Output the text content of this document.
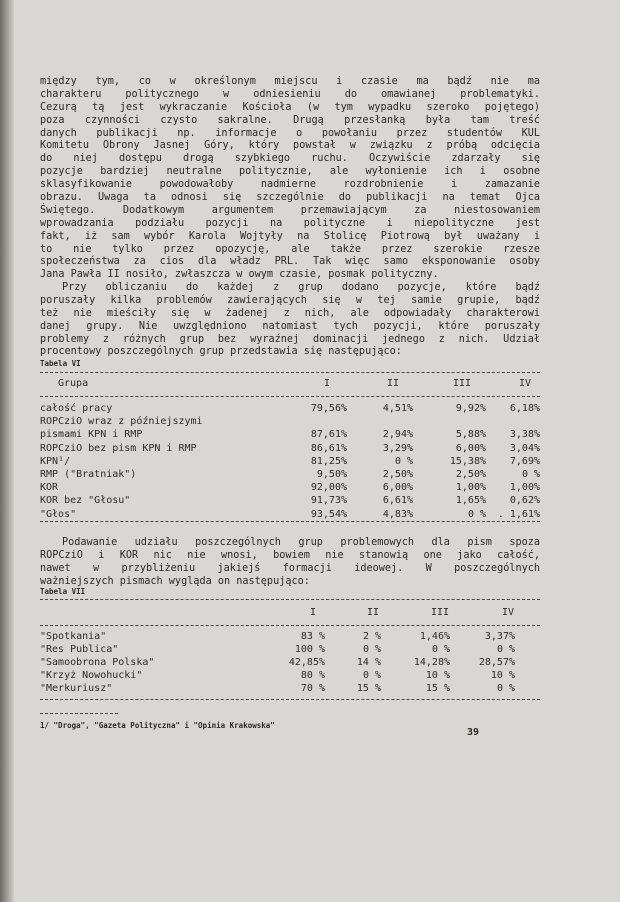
między tym, co w określonym miejscu i czasie ma bądź nie ma
charakteru politycznego w odniesieniu do omawianej problematyki.
Cezurą tą jest wykraczanie Kościoła (w tym wypadku szeroko pojętego)
poza czynności czysto sakralne. Drugą przesłanką była tam treść
danych publikacji np. informacje o powołaniu przez studentów KUL
Komitetu Obrony Jasnej Góry, który powstał w związku z próbą odcięcia
do niej dostępu drogą szybkiego ruchu. Oczywiście zdarzały się
pozycje bardziej neutralne politycznie, ale wyłonienie ich i osobne
sklasyfikowanie powodowałoby nadmierne rozdrobnienie i zamazanie
obrazu. Uwaga ta odnosi się szczególnie do publikacji na temat Ojca
Świętego. Dodatkowym argumentem przemawiającym za niestosowaniem
wprowadzania podziału pozycji na polityczne i niepolityczne jest
fakt, iż sam wybór Karola Wojtyły na Stolicę Piotrową był uważany i
to nie tylko przez opozycję, ale także przez szerokie rzesze
społeczeństwa za cios dla władz PRL. Tak więc samo eksponowanie osoby
Jana Pawła II nosiło, zwłaszcza w owym czasie, posmak polityczny.
Przy obliczaniu do każdej z grup dodano pozycje, które bądź
poruszały kilka problemów zawierających się w tej samie grupie, bądź
też nie mieściły się w żadenej z nich, ale odpowiadały charakterowi
danej grupy. Nie uwzględniono natomiast tych pozycji, które poruszały
problemy z różnych grup bez wyraźnej dominacji jednego z nich. Udział
procentowy poszczególnych grup przedstawia się następująco:
Tabela VI
Grupa	I	II	III	IV
całość pracy	79,56%	4,51%	9,92% 6,18%
ROPCziO wraz z późniejszymi
pismami KPN i RMP	87,61%	2,94%	5,88% 3,38%
ROPCziO bez pism KPN i RMP	86,61%	3,29%	6,00% 3,04%
KPN¹/	81,25%	0 %	15,38% 7,69%
RMP ("Bratniak")	9,50%	2,50%	2,50%	0 %
KOR	92,00%	6,00%	1,00% 1,00%
KOR bez "Głosu"	91,73%	6,61%	1,65% 0,62%
"Głos"	93,54%	4,83%	0 % . 1,61%
Podawanie udziału poszczególnych grup problemowych dla pism spoza
ROPCziO i KOR nic nie wnosi, bowiem nie stanowią one jako całość,
nawet w przybliżeniu jakiejś formacji ideowej. W poszczególnych
ważniejszych pismach wygląda on następująco:
Tabela VII
I	II	III	IV
"Spotkania"	83 %	2 %	1,46%	3,37%
"Res Publica"	100 %	0 %	0 %	0 %
"Samoobrona Polska"	42,85%	14 %	14,28%	28,57%
"Krzyż Nowohucki"	80 %	0 %	10 %	10 %
"Merkuriusz"	70 %	15 %	15 %	0 %
1/ "Droga", "Gazeta Polityczna" i "Opinia Krakowska"
39
